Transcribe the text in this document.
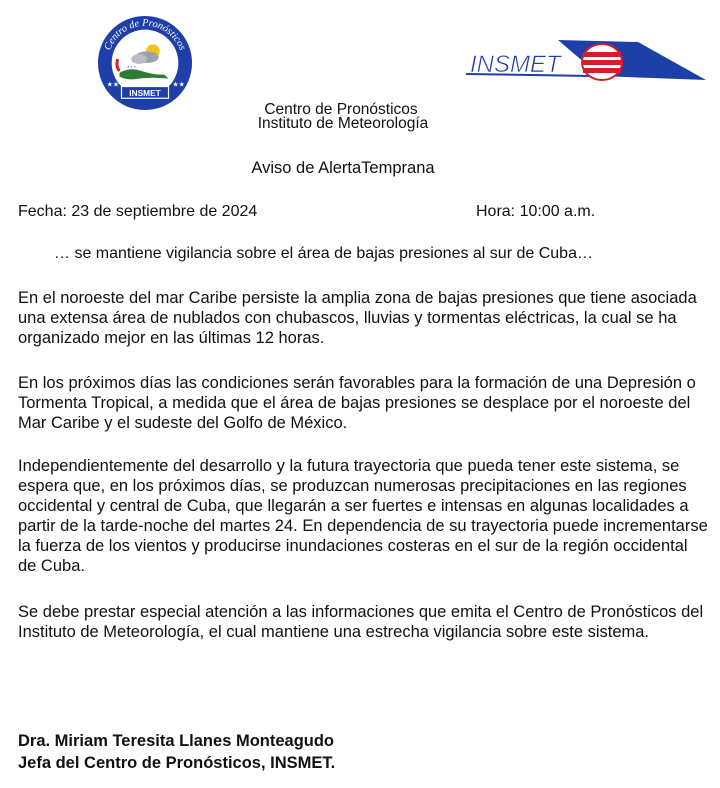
Centro de Pronósticos
* * *
INSMET
★★	★★
INSMET
Centro de Pronósticos
Instituto de Meteorología
Aviso de AlertaTemprana
Fecha: 23 de septiembre de 2024	Hora: 10:00 a.m.
… se mantiene vigilancia sobre el área de bajas presiones al sur de Cuba…

En el noroeste del mar Caribe persiste la amplia zona de bajas presiones que tiene asociada una extensa área de nublados con chubascos, lluvias y tormentas eléctricas, la cual se ha organizado mejor en las últimas 12 horas.

En los próximos días las condiciones serán favorables para la formación de una Depresión o Tormenta Tropical, a medida que el área de bajas presiones se desplace por el noroeste del Mar Caribe y el sudeste del Golfo de México.

Independientemente del desarrollo y la futura trayectoria que pueda tener este sistema, se espera que, en los próximos días, se produzcan numerosas precipitaciones en las regiones occidental y central de Cuba, que llegarán a ser fuertes e intensas en algunas localidades a partir de la tarde-noche del martes 24. En dependencia de su trayectoria puede incrementarse la fuerza de los vientos y producirse inundaciones costeras en el sur de la región occidental de Cuba.

Se debe prestar especial atención a las informaciones que emita el Centro de Pronósticos del Instituto de Meteorología, el cual mantiene una estrecha vigilancia sobre este sistema.

Dra. Miriam Teresita Llanes Monteagudo
Jefa del Centro de Pronósticos, INSMET.
